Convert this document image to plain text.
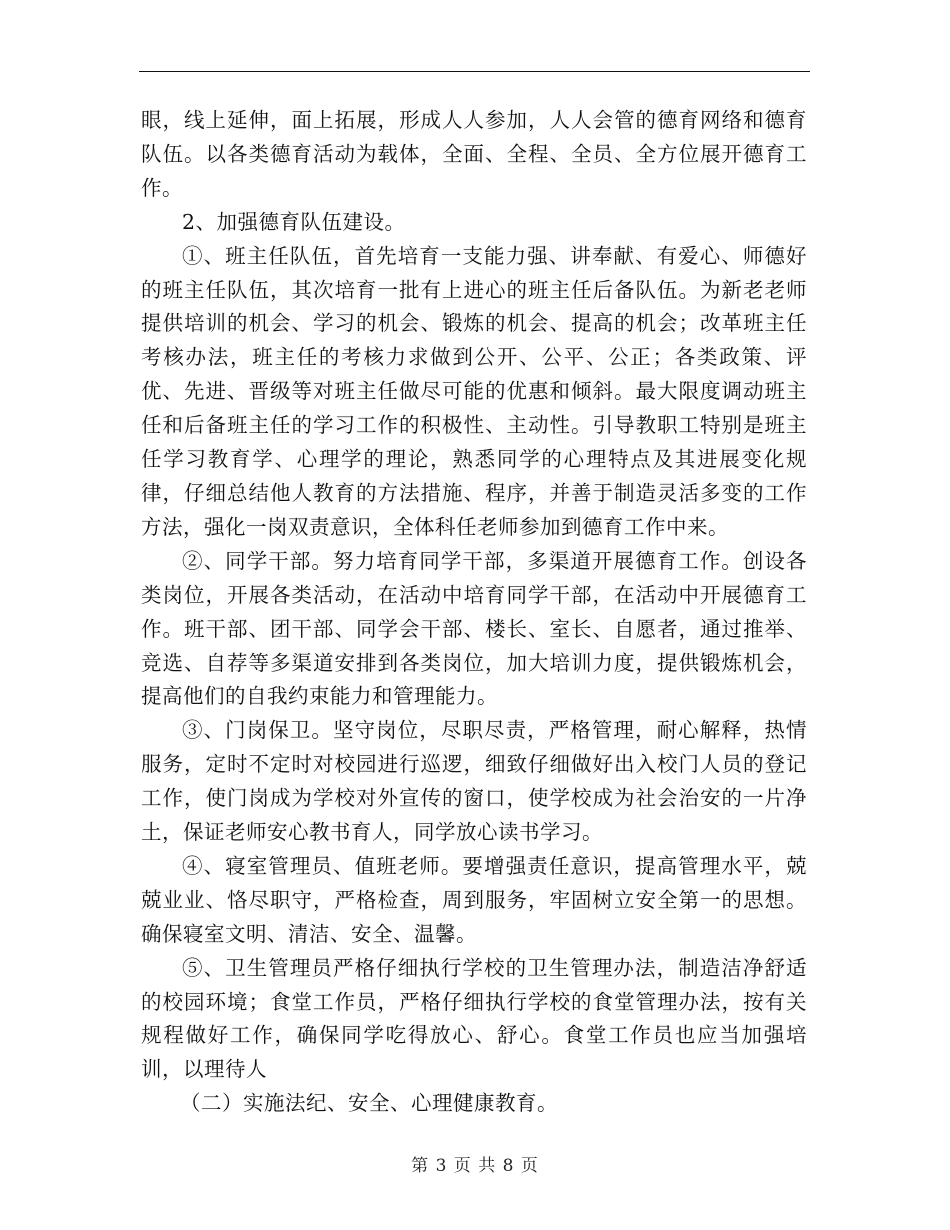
眼，线上延伸，面上拓展，形成人人参加，人人会管的德育网络和德育队伍。以各类德育活动为载体，全面、全程、全员、全方位展开德育工作。

2、加强德育队伍建设。

①、班主任队伍，首先培育一支能力强、讲奉献、有爱心、师德好的班主任队伍，其次培育一批有上进心的班主任后备队伍。为新老老师提供培训的机会、学习的机会、锻炼的机会、提高的机会；改革班主任考核办法，班主任的考核力求做到公开、公平、公正；各类政策、评优、先进、晋级等对班主任做尽可能的优惠和倾斜。最大限度调动班主任和后备班主任的学习工作的积极性、主动性。引导教职工特别是班主任学习教育学、心理学的理论，熟悉同学的心理特点及其进展变化规律，仔细总结他人教育的方法措施、程序，并善于制造灵活多变的工作方法，强化一岗双责意识，全体科任老师参加到德育工作中来。

②、同学干部。努力培育同学干部，多渠道开展德育工作。创设各类岗位，开展各类活动，在活动中培育同学干部，在活动中开展德育工作。班干部、团干部、同学会干部、楼长、室长、自愿者，通过推举、竞选、自荐等多渠道安排到各类岗位，加大培训力度，提供锻炼机会，提高他们的自我约束能力和管理能力。

③、门岗保卫。坚守岗位，尽职尽责，严格管理，耐心解释，热情服务，定时不定时对校园进行巡逻，细致仔细做好出入校门人员的登记工作，使门岗成为学校对外宣传的窗口，使学校成为社会治安的一片净土，保证老师安心教书育人，同学放心读书学习。

④、寝室管理员、值班老师。要增强责任意识，提高管理水平，兢兢业业、恪尽职守，严格检查，周到服务，牢固树立安全第一的思想。确保寝室文明、清洁、安全、温馨。

⑤、卫生管理员严格仔细执行学校的卫生管理办法，制造洁净舒适的校园环境；食堂工作员，严格仔细执行学校的食堂管理办法，按有关规程做好工作，确保同学吃得放心、舒心。食堂工作员也应当加强培训，以理待人

（二）实施法纪、安全、心理健康教育。

第 3 页 共 8 页
